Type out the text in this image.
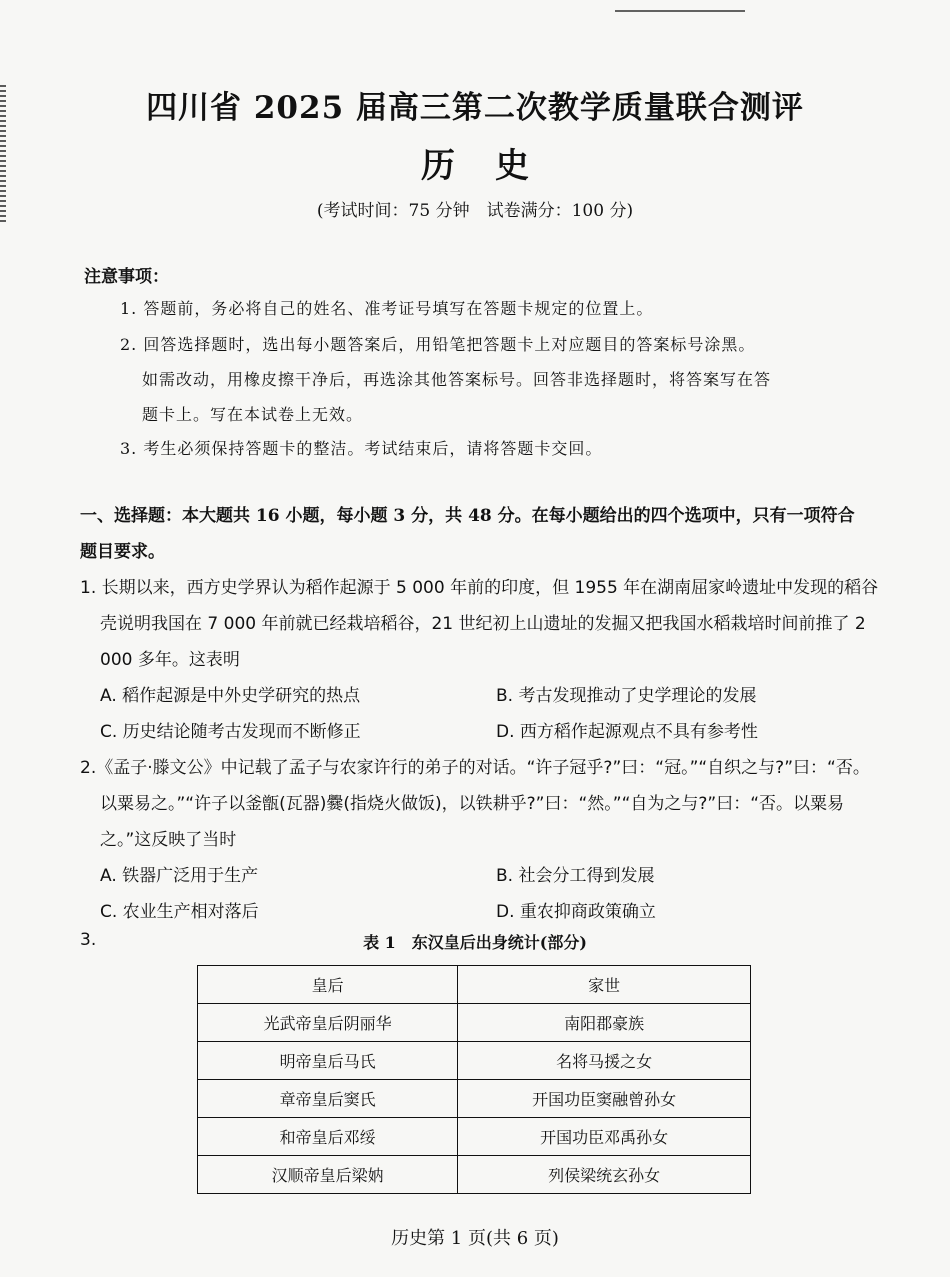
四川省 2025 届高三第二次教学质量联合测评
历史
(考试时间：75 分钟　试卷满分：100 分)
注意事项：
1. 答题前，务必将自己的姓名、准考证号填写在答题卡规定的位置上。
2. 回答选择题时，选出每小题答案后，用铅笔把答题卡上对应题目的答案标号涂黑。
如需改动，用橡皮擦干净后，再选涂其他答案标号。回答非选择题时，将答案写在答
题卡上。写在本试卷上无效。
3. 考生必须保持答题卡的整洁。考试结束后，请将答题卡交回。
一、选择题：本大题共 16 小题，每小题 3 分，共 48 分。在每小题给出的四个选项中，只有一项符合题目要求。
1. 长期以来，西方史学界认为稻作起源于 5 000 年前的印度，但 1955 年在湖南屈家岭遗址中发现的稻谷壳说明我国在 7 000 年前就已经栽培稻谷，21 世纪初上山遗址的发掘又把我国水稻栽培时间前推了 2 000 多年。这表明
A. 稻作起源是中外史学研究的热点	B. 考古发现推动了史学理论的发展
C. 历史结论随考古发现而不断修正	D. 西方稻作起源观点不具有参考性
2.《孟子·滕文公》中记载了孟子与农家许行的弟子的对话。“许子冠乎?”曰：“冠。”“自织之与?”曰：“否。以粟易之。”“许子以釜甑(瓦器)爨(指烧火做饭)，以铁耕乎?”曰：“然。”“自为之与?”曰：“否。以粟易之。”这反映了当时
A. 铁器广泛用于生产	B. 社会分工得到发展
C. 农业生产相对落后	D. 重农抑商政策确立
3.	表 1　东汉皇后出身统计(部分)
皇后	家世
光武帝皇后阴丽华	南阳郡豪族
明帝皇后马氏	名将马援之女
章帝皇后窦氏	开国功臣窦融曾孙女
和帝皇后邓绥	开国功臣邓禹孙女
汉顺帝皇后梁妠	列侯梁统玄孙女
历史第 1 页(共 6 页)
